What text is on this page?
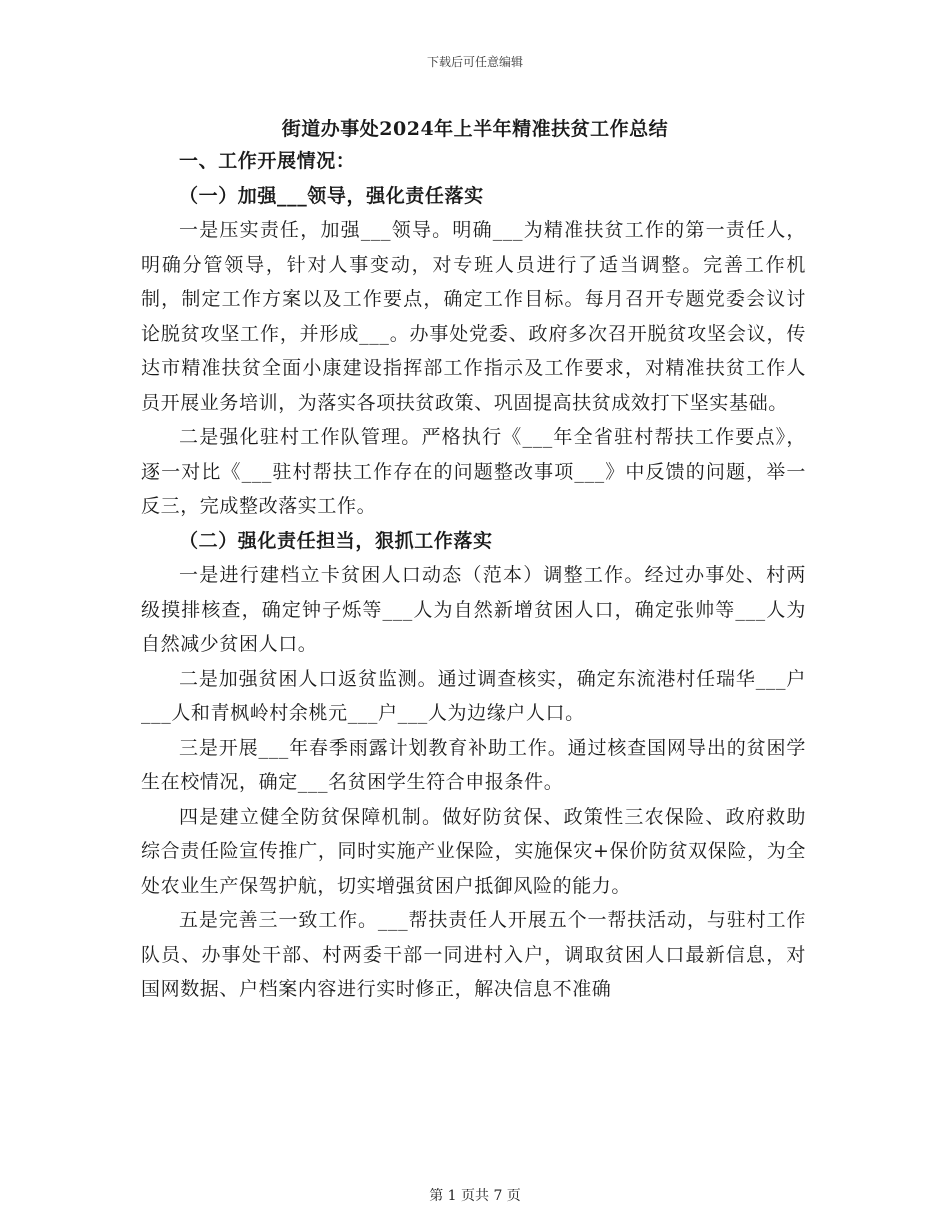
下载后可任意编辑
街道办事处2024年上半年精准扶贫工作总结

一、工作开展情况：

（一）加强___领导，强化责任落实

一是压实责任，加强___领导。明确___为精准扶贫工作的第一责任人，明确分管领导，针对人事变动，对专班人员进行了适当调整。完善工作机制，制定工作方案以及工作要点，确定工作目标。每月召开专题党委会议讨论脱贫攻坚工作，并形成___。办事处党委、政府多次召开脱贫攻坚会议，传达市精准扶贫全面小康建设指挥部工作指示及工作要求，对精准扶贫工作人员开展业务培训，为落实各项扶贫政策、巩固提高扶贫成效打下坚实基础。

二是强化驻村工作队管理。严格执行《___年全省驻村帮扶工作要点》，逐一对比《___驻村帮扶工作存在的问题整改事项___》中反馈的问题，举一反三，完成整改落实工作。

（二）强化责任担当，狠抓工作落实

一是进行建档立卡贫困人口动态（范本）调整工作。经过办事处、村两级摸排核查，确定钟子烁等___人为自然新增贫困人口，确定张帅等___人为自然减少贫困人口。

二是加强贫困人口返贫监测。通过调查核实，确定东流港村任瑞华___户___人和青枫岭村余桃元___户___人为边缘户人口。

三是开展___年春季雨露计划教育补助工作。通过核查国网导出的贫困学生在校情况，确定___名贫困学生符合申报条件。

四是建立健全防贫保障机制。做好防贫保、政策性三农保险、政府救助综合责任险宣传推广，同时实施产业保险，实施保灾+保价防贫双保险，为全处农业生产保驾护航，切实增强贫困户抵御风险的能力。

五是完善三一致工作。___帮扶责任人开展五个一帮扶活动，与驻村工作队员、办事处干部、村两委干部一同进村入户，调取贫困人口最新信息，对国网数据、户档案内容进行实时修正，解决信息不准确

第 1 页共 7 页
